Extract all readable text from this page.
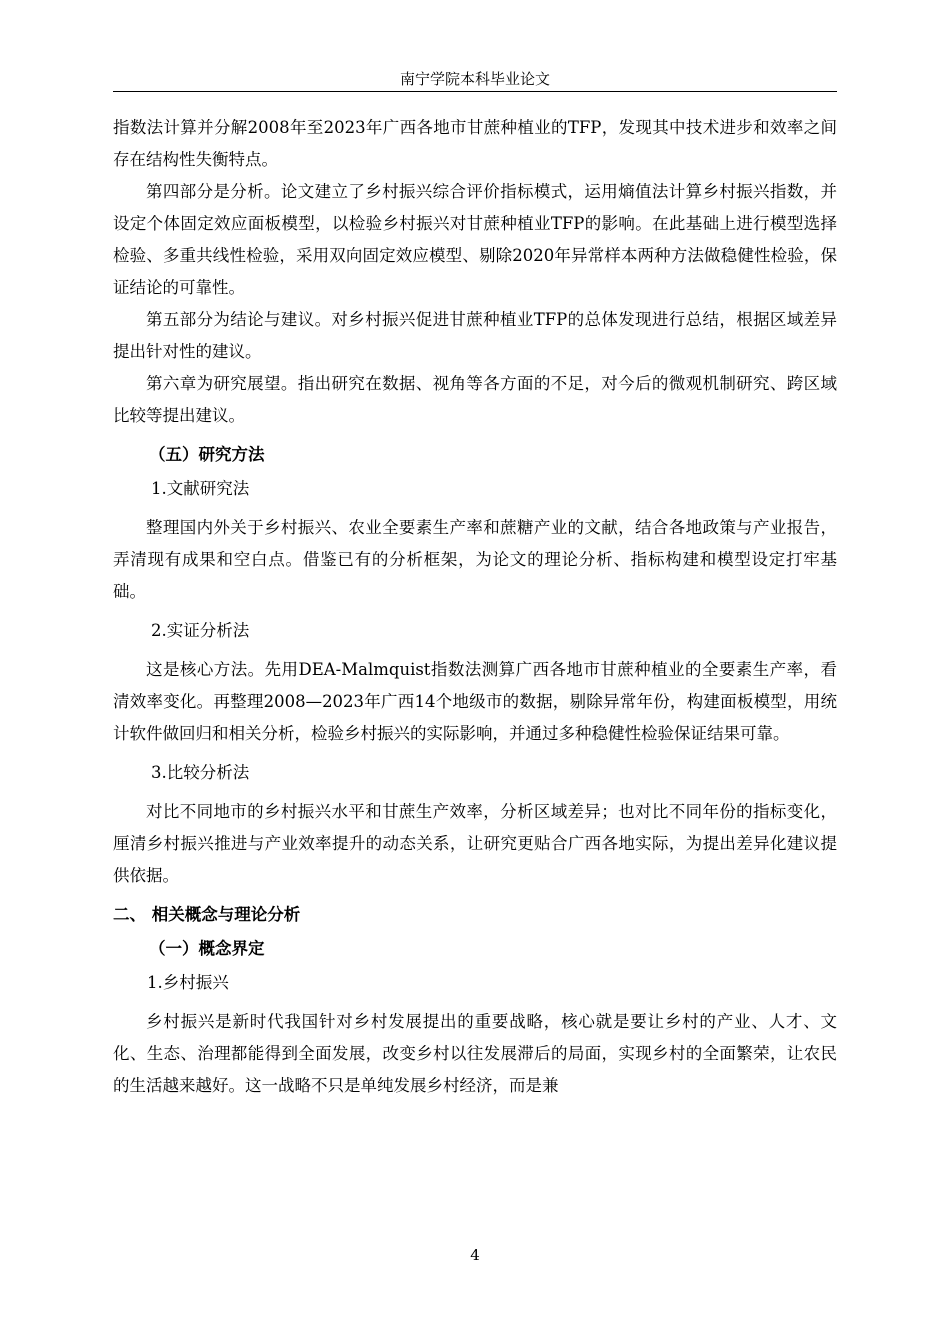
南宁学院本科毕业论文

指数法计算并分解2008年至2023年广西各地市甘蔗种植业的TFP，发现其中技术进步和效率之间存在结构性失衡特点。

第四部分是分析。论文建立了乡村振兴综合评价指标模式，运用熵值法计算乡村振兴指数，并设定个体固定效应面板模型，以检验乡村振兴对甘蔗种植业TFP的影响。在此基础上进行模型选择检验、多重共线性检验，采用双向固定效应模型、剔除2020年异常样本两种方法做稳健性检验，保证结论的可靠性。

第五部分为结论与建议。对乡村振兴促进甘蔗种植业TFP的总体发现进行总结，根据区域差异提出针对性的建议。

第六章为研究展望。指出研究在数据、视角等各方面的不足，对今后的微观机制研究、跨区域比较等提出建议。

（五）研究方法

1.文献研究法

整理国内外关于乡村振兴、农业全要素生产率和蔗糖产业的文献，结合各地政策与产业报告，弄清现有成果和空白点。借鉴已有的分析框架，为论文的理论分析、指标构建和模型设定打牢基础。

2.实证分析法

这是核心方法。先用DEA-Malmquist指数法测算广西各地市甘蔗种植业的全要素生产率，看清效率变化。再整理2008—2023年广西14个地级市的数据，剔除异常年份，构建面板模型，用统计软件做回归和相关分析，检验乡村振兴的实际影响，并通过多种稳健性检验保证结果可靠。

3.比较分析法

对比不同地市的乡村振兴水平和甘蔗生产效率，分析区域差异；也对比不同年份的指标变化，厘清乡村振兴推进与产业效率提升的动态关系，让研究更贴合广西各地实际，为提出差异化建议提供依据。

二、 相关概念与理论分析

（一）概念界定

1.乡村振兴

乡村振兴是新时代我国针对乡村发展提出的重要战略，核心就是要让乡村的产业、人才、文化、生态、治理都能得到全面发展，改变乡村以往发展滞后的局面，实现乡村的全面繁荣，让农民的生活越来越好。这一战略不只是单纯发展乡村经济，而是兼

4
